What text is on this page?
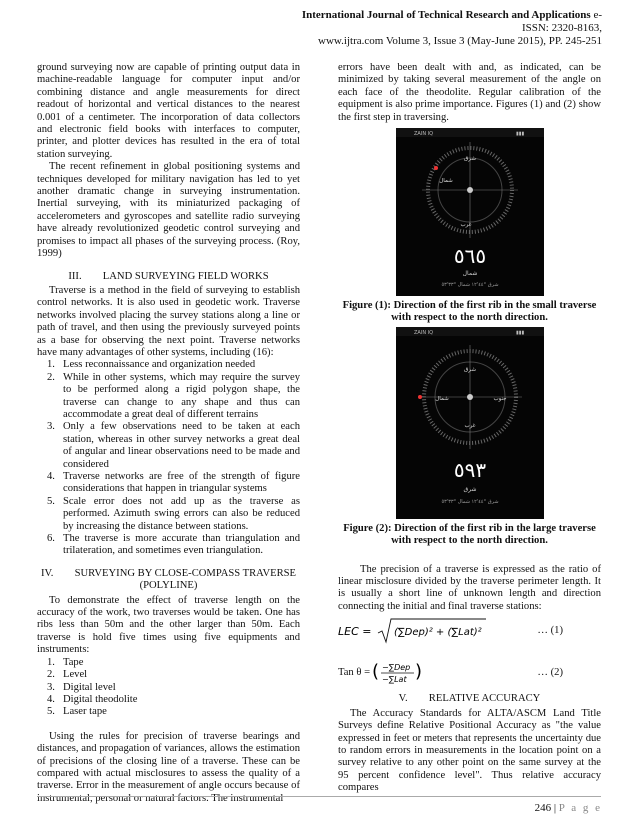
International Journal of Technical Research and Applications e-ISSN: 2320-8163,
www.ijtra.com Volume 3, Issue 3 (May-June 2015), PP. 245-251

ground surveying now are capable of printing output data in machine-readable language for computer input and/or combining distance and angle measurements for direct readout of horizontal and vertical distances to the nearest 0.001 of a centimeter. The incorporation of data collectors and electronic field books with interfaces to computer, printer, and plotter devices has resulted in the era of total station surveying.

The recent refinement in global positioning systems and techniques developed for military navigation has led to yet another dramatic change in surveying instrumentation. Inertial surveying, with its miniaturized packaging of accelerometers and gyroscopes and satellite radio surveying have already revolutionized geodetic control surveying and promises to impact all phases of the surveying process. (Roy, 1999)

III.        LAND SURVEYING FIELD WORKS

Traverse is a method in the field of surveying to establish control networks. It is also used in geodetic work. Traverse networks involved placing the survey stations along a line or path of travel, and then using the previously surveyed points as a base for observing the next point. Traverse networks have many advantages of other systems, including (16):

1. Less reconnaissance and organization needed
2. While in other systems, which may require the survey to be performed along a rigid polygon shape, the traverse can change to any shape and thus can accommodate a great deal of different terrains
3. Only a few observations need to be taken at each station, whereas in other survey networks a great deal of angular and linear observations need to be made and considered
4. Traverse networks are free of the strength of figure considerations that happen in triangular systems
5. Scale error does not add up as the traverse as performed. Azimuth swing errors can also be reduced by increasing the distance between stations.
6. The traverse is more accurate than triangulation and trilateration, and sometimes even triangulation.
IV.        SURVEYING BY CLOSE-COMPASS TRAVERSE
(POLYLINE)

To demonstrate the effect of traverse length on the accuracy of the work, two traverses would be taken. One has ribs less than 50m and the other larger than 50m. Each traverse is hold five times using five equipments and instruments:

1. Tape
2. Level
3. Digital level
4. Digital theodolite
5. Laser tape

Using the rules for precision of traverse bearings and distances, and propagation of variances, allows the estimation of precisions of the closing line of a traverse. These can be compared with actual misclosures to assess the quality of a traverse. Error in the measurement of angle occurs because of instrumental, personal or natural factors. The instrumental

errors have been dealt with and, as indicated, can be minimized by taking several measurement of the angle on each face of the theodolite. Regular calibration of the equipment is also prime importance. Figures (1) and (2) show the first step in traversing.

ZAIN IQ	▮▮▮
شرق
شمال
غرب
٥٦٥
شمال
شرق °٤٤'١٢ شمال °٣٣'٥٣
Figure (1): Direction of the first rib in the small traverse with respect to the north direction.
ZAIN IQ	▮▮▮
شرق
شمال	جنوب
غرب
٥٩٣
شرق
شرق °٤٤'١٢ شمال °٣٣'٥٣
Figure (2): Direction of the first rib in the large traverse with respect to the north direction.

The precision of a traverse is expressed as the ratio of linear misclosure divided by the traverse perimeter length. It is usually a short line of unknown length and direction connecting the initial and final traverse stations:

LEC = (∑Dep)² + (∑Lat)²	… (1)
Tan θ = ( −∑Dep
−∑Lat )	… (2)
V.        RELATIVE ACCURACY

The Accuracy Standards for ALTA/ASCM Land Title Surveys define Relative Positional Accuracy as "the value expressed in feet or meters that represents the uncertainty due to random errors in measurements in the location point on a survey relative to any other point on the same survey at the 95 percent confidence level". Thus relative accuracy compares

246 | P a g e
